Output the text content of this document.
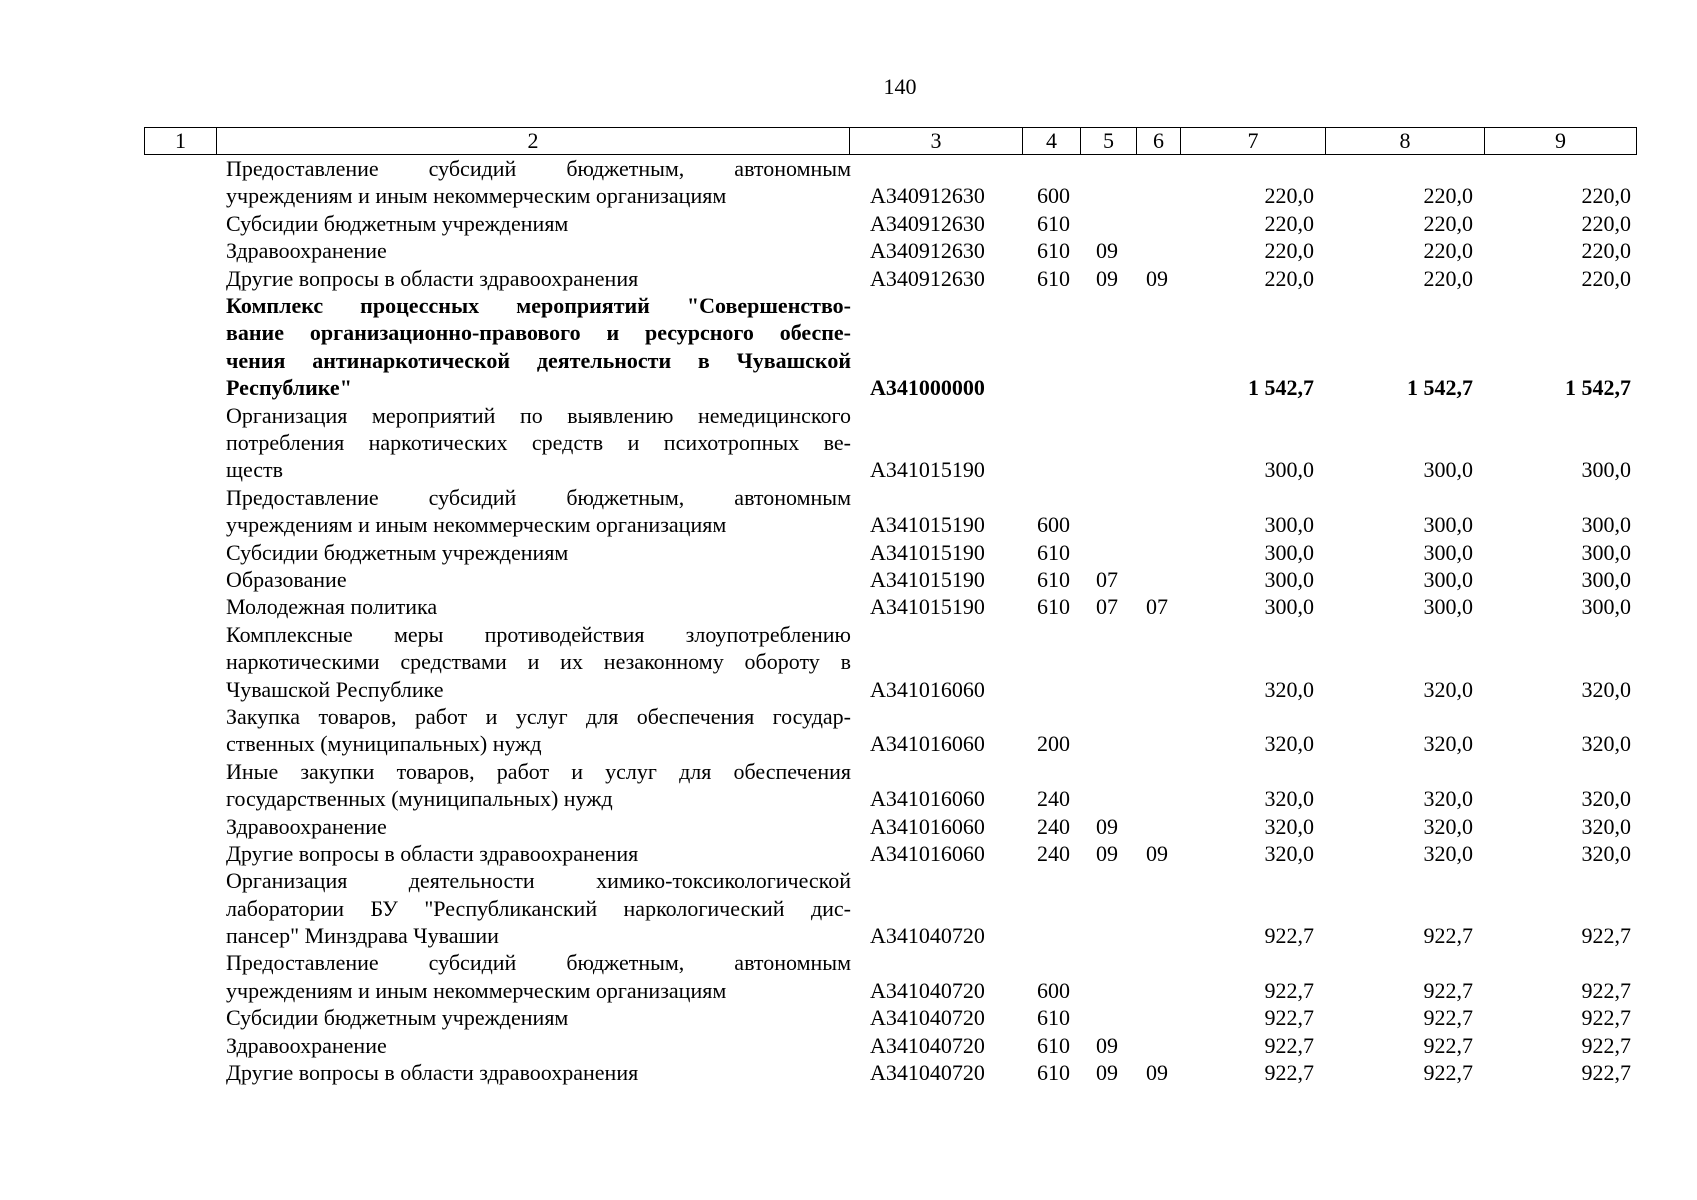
140
1	2	3	4	5	6	7	8	9
Предоставление субсидий бюджетным, автономным
учреждениям и иным некоммерческим организациям	А340912630 600	220,0	220,0	220,0
Субсидии бюджетным учреждениям	А340912630 610	220,0	220,0	220,0
Здравоохранение	А340912630 610 09	220,0	220,0	220,0
Другие вопросы в области здравоохранения	А340912630 610 09 09	220,0	220,0	220,0
Комплекс процессных мероприятий "Совершенство-
вание организационно-правового и ресурсного обеспе-
чения антинаркотической деятельности в Чувашской
Республике"	А341000000	1 542,7	1 542,7	1 542,7
Организация мероприятий по выявлению немедицинского
потребления наркотических средств и психотропных ве-
ществ	А341015190	300,0	300,0	300,0
Предоставление субсидий бюджетным, автономным
учреждениям и иным некоммерческим организациям	А341015190 600	300,0	300,0	300,0
Субсидии бюджетным учреждениям	А341015190 610	300,0	300,0	300,0
Образование	А341015190 610 07	300,0	300,0	300,0
Молодежная политика	А341015190 610 07 07	300,0	300,0	300,0
Комплексные меры противодействия злоупотреблению
наркотическими средствами и их незаконному обороту в
Чувашской Республике	А341016060	320,0	320,0	320,0
Закупка товаров, работ и услуг для обеспечения государ-
ственных (муниципальных) нужд	А341016060 200	320,0	320,0	320,0
Иные закупки товаров, работ и услуг для обеспечения
государственных (муниципальных) нужд	А341016060 240	320,0	320,0	320,0
Здравоохранение	А341016060 240 09	320,0	320,0	320,0
Другие вопросы в области здравоохранения	А341016060 240 09 09	320,0	320,0	320,0
Организация деятельности химико-токсикологической
лаборатории БУ "Республиканский наркологический дис-
пансер" Минздрава Чувашии	А341040720	922,7	922,7	922,7
Предоставление субсидий бюджетным, автономным
учреждениям и иным некоммерческим организациям	А341040720 600	922,7	922,7	922,7
Субсидии бюджетным учреждениям	А341040720 610	922,7	922,7	922,7
Здравоохранение	А341040720 610 09	922,7	922,7	922,7
Другие вопросы в области здравоохранения	А341040720 610 09 09	922,7	922,7	922,7
